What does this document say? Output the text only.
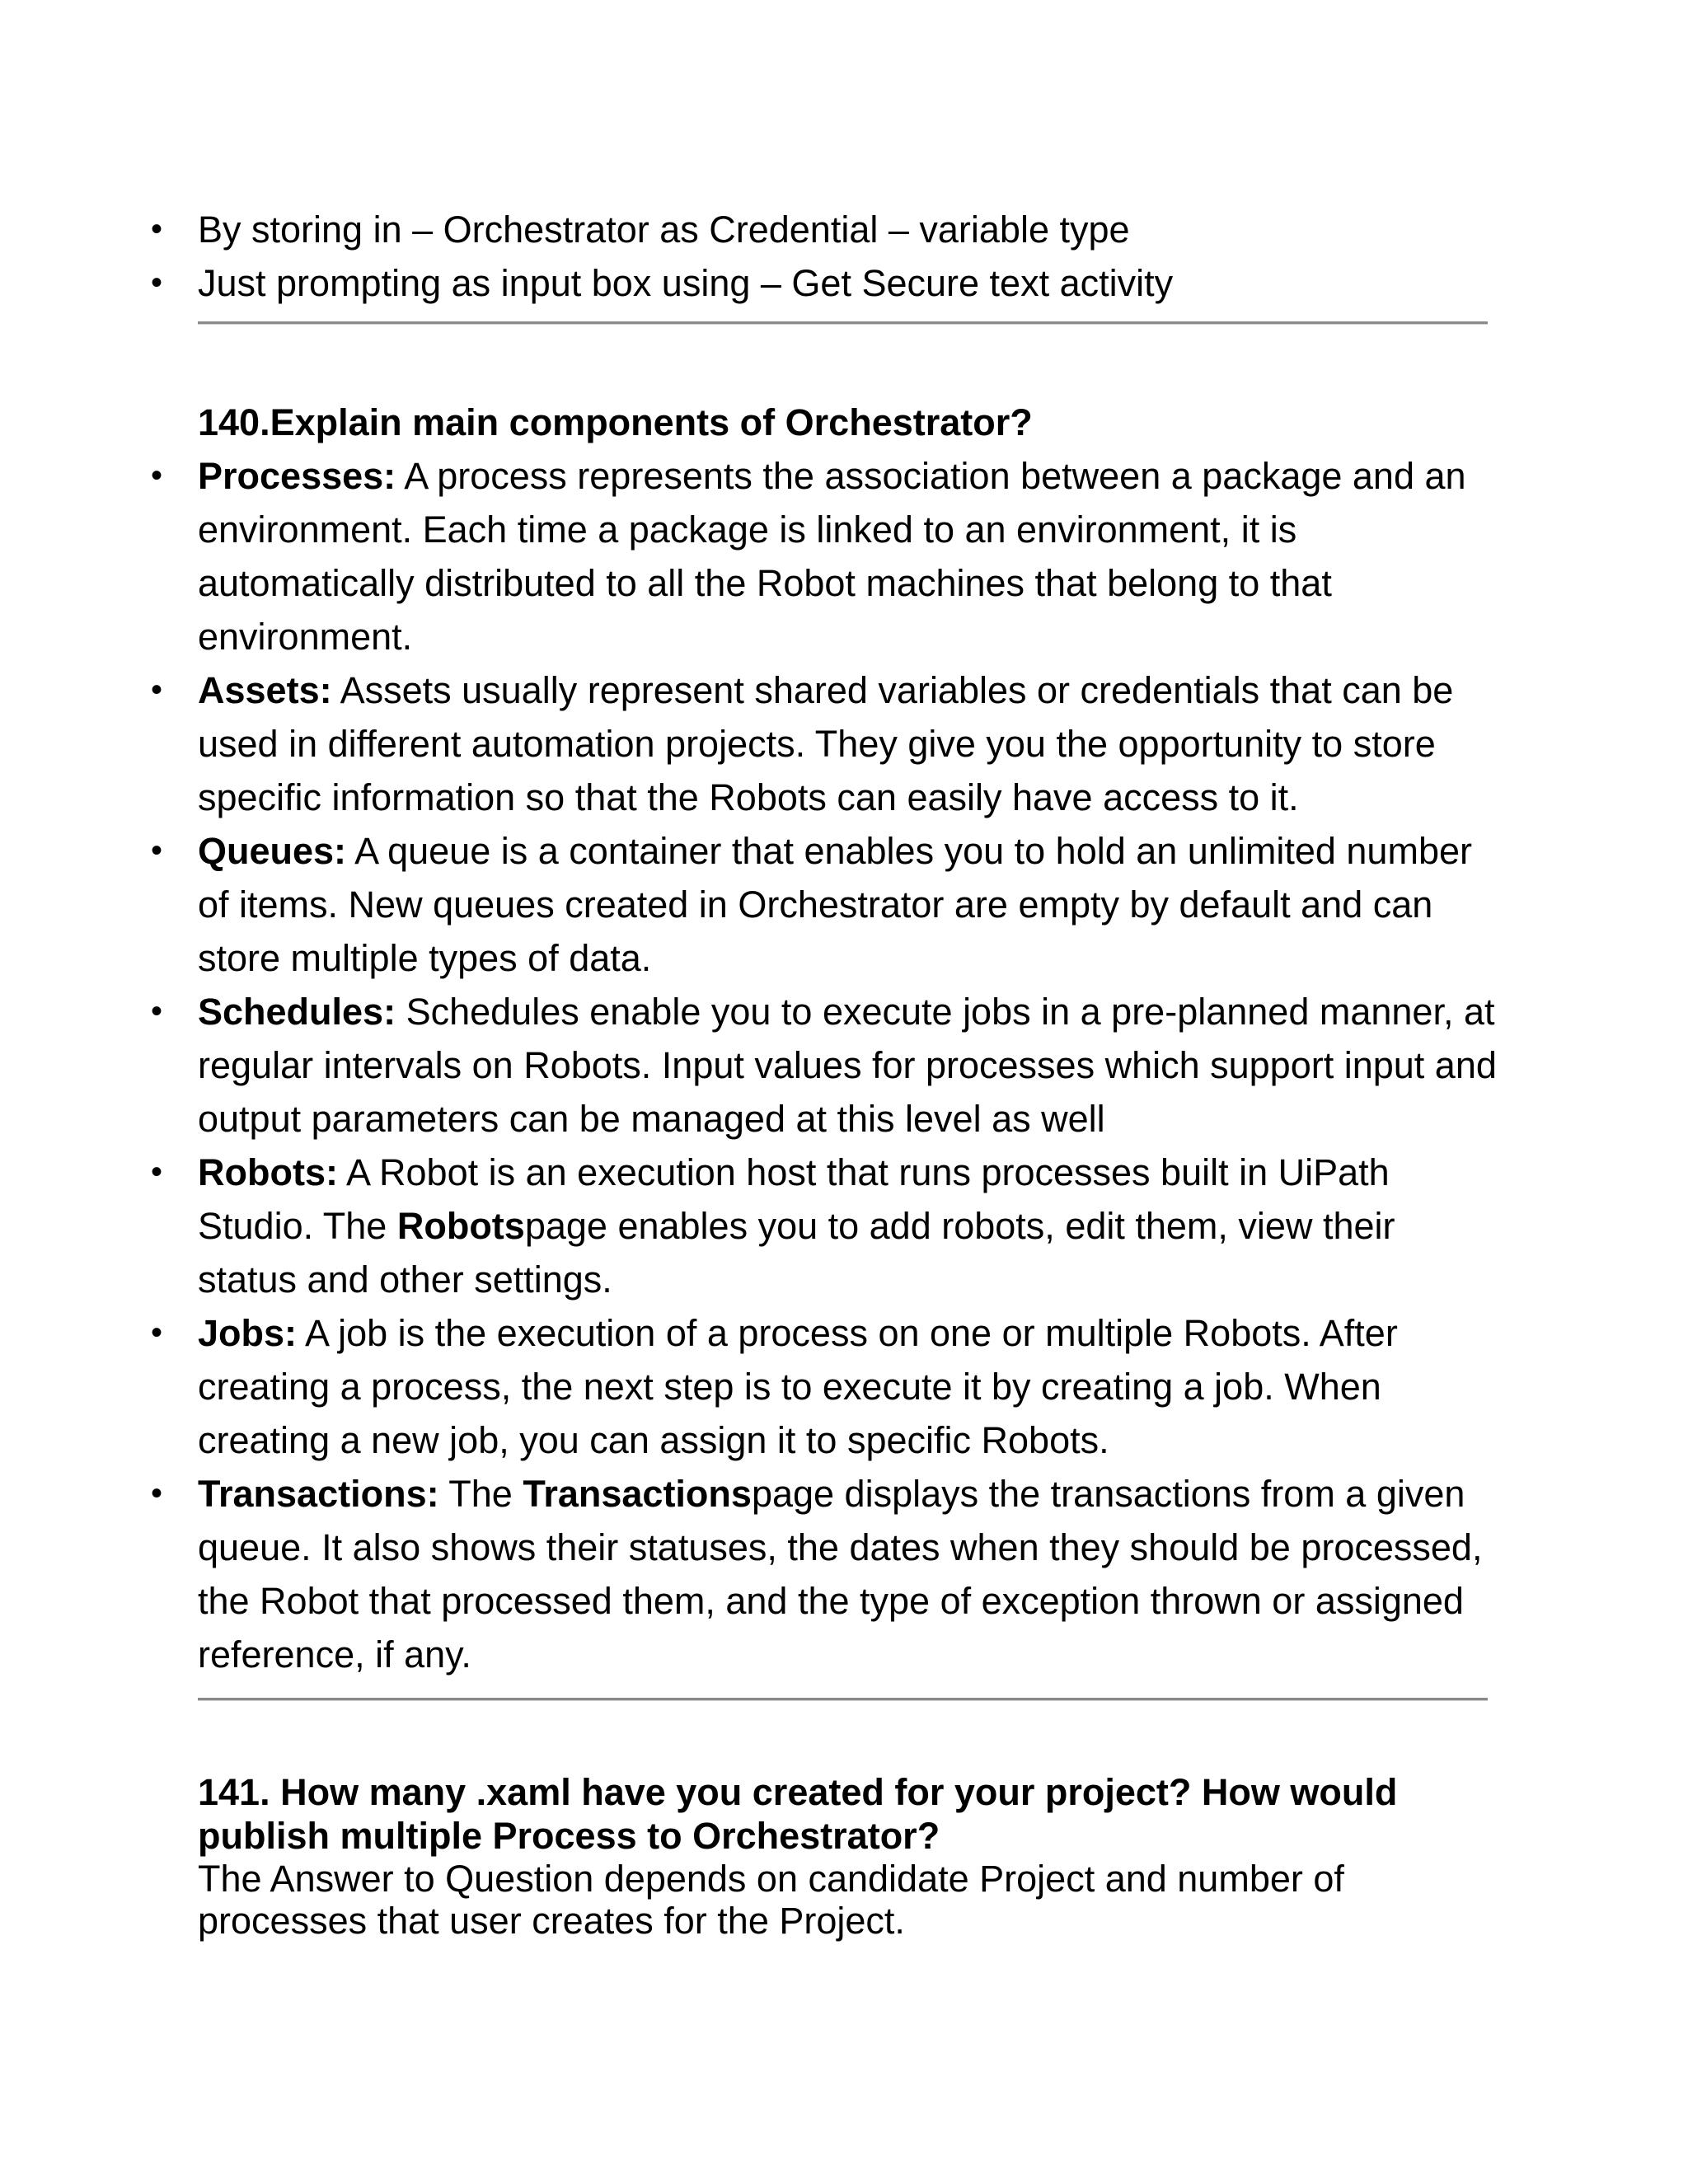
• By storing in – Orchestrator as Credential – variable type
• Just prompting as input box using – Get Secure text activity

140.Explain main components of Orchestrator?

• Processes: A process represents the association between a package and an environment. Each time a package is linked to an environment, it is automatically distributed to all the Robot machines that belong to that environment.
• Assets: Assets usually represent shared variables or credentials that can be used in different automation projects. They give you the opportunity to store specific information so that the Robots can easily have access to it.
• Queues: A queue is a container that enables you to hold an unlimited number of items. New queues created in Orchestrator are empty by default and can store multiple types of data.
• Schedules: Schedules enable you to execute jobs in a pre-planned manner, at regular intervals on Robots. Input values for processes which support input and output parameters can be managed at this level as well
• Robots: A Robot is an execution host that runs processes built in UiPath Studio. The Robotspage enables you to add robots, edit them, view their status and other settings.
• Jobs: A job is the execution of a process on one or multiple Robots. After creating a process, the next step is to execute it by creating a job. When creating a new job, you can assign it to specific Robots.
• Transactions: The Transactionspage displays the transactions from a given queue. It also shows their statuses, the dates when they should be processed, the Robot that processed them, and the type of exception thrown or assigned reference, if any.

141. How many .xaml have you created for your project? How would publish multiple Process to Orchestrator?

The Answer to Question depends on candidate Project and number of processes that user creates for the Project.
